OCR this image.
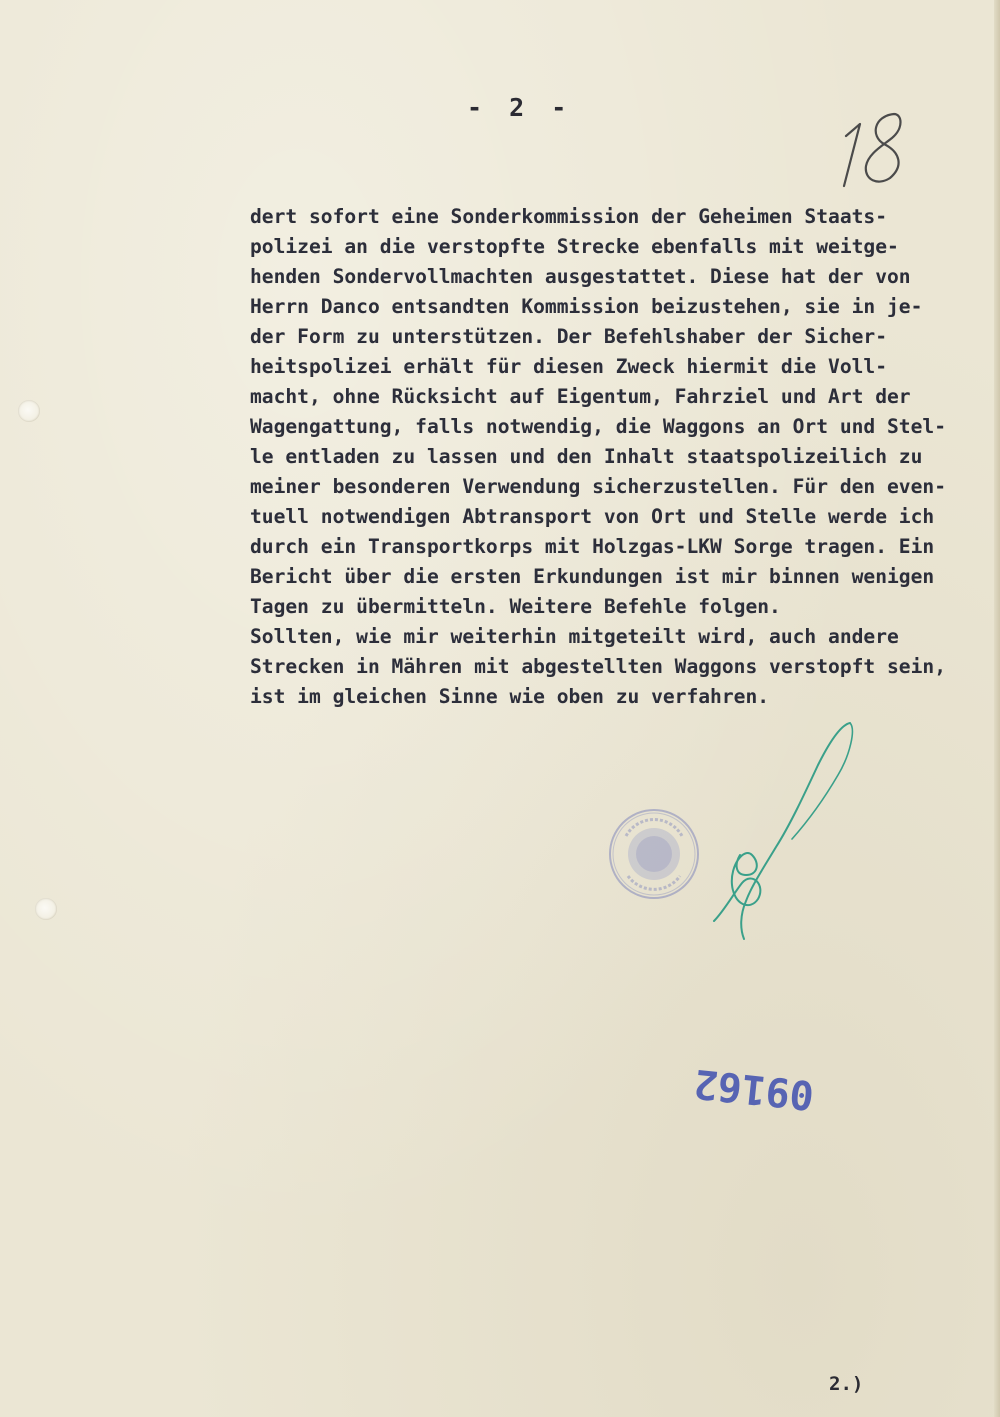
- 2 -
dert sofort eine Sonderkommission der Geheimen Staats-
polizei an die verstopfte Strecke ebenfalls mit weitge-
henden Sondervollmachten ausgestattet. Diese hat der von
Herrn Danco entsandten Kommission beizustehen, sie in je-
der Form zu unterstützen. Der Befehlshaber der Sicher-
heitspolizei erhält für diesen Zweck hiermit die Voll-
macht, ohne Rücksicht auf Eigentum, Fahrziel und Art der
Wagengattung, falls notwendig, die Waggons an Ort und Stel-
le entladen zu lassen und den Inhalt staatspolizeilich zu
meiner besonderen Verwendung sicherzustellen. Für den even-
tuell notwendigen Abtransport von Ort und Stelle werde ich
durch ein Transportkorps mit Holzgas-LKW Sorge tragen. Ein
Bericht über die ersten Erkundungen ist mir binnen wenigen
Tagen zu übermitteln. Weitere Befehle folgen.
Sollten, wie mir weiterhin mitgeteilt wird, auch andere
Strecken in Mähren mit abgestellten Waggons verstopft sein,
ist im gleichen Sinne wie oben zu verfahren.
09162
2.)
